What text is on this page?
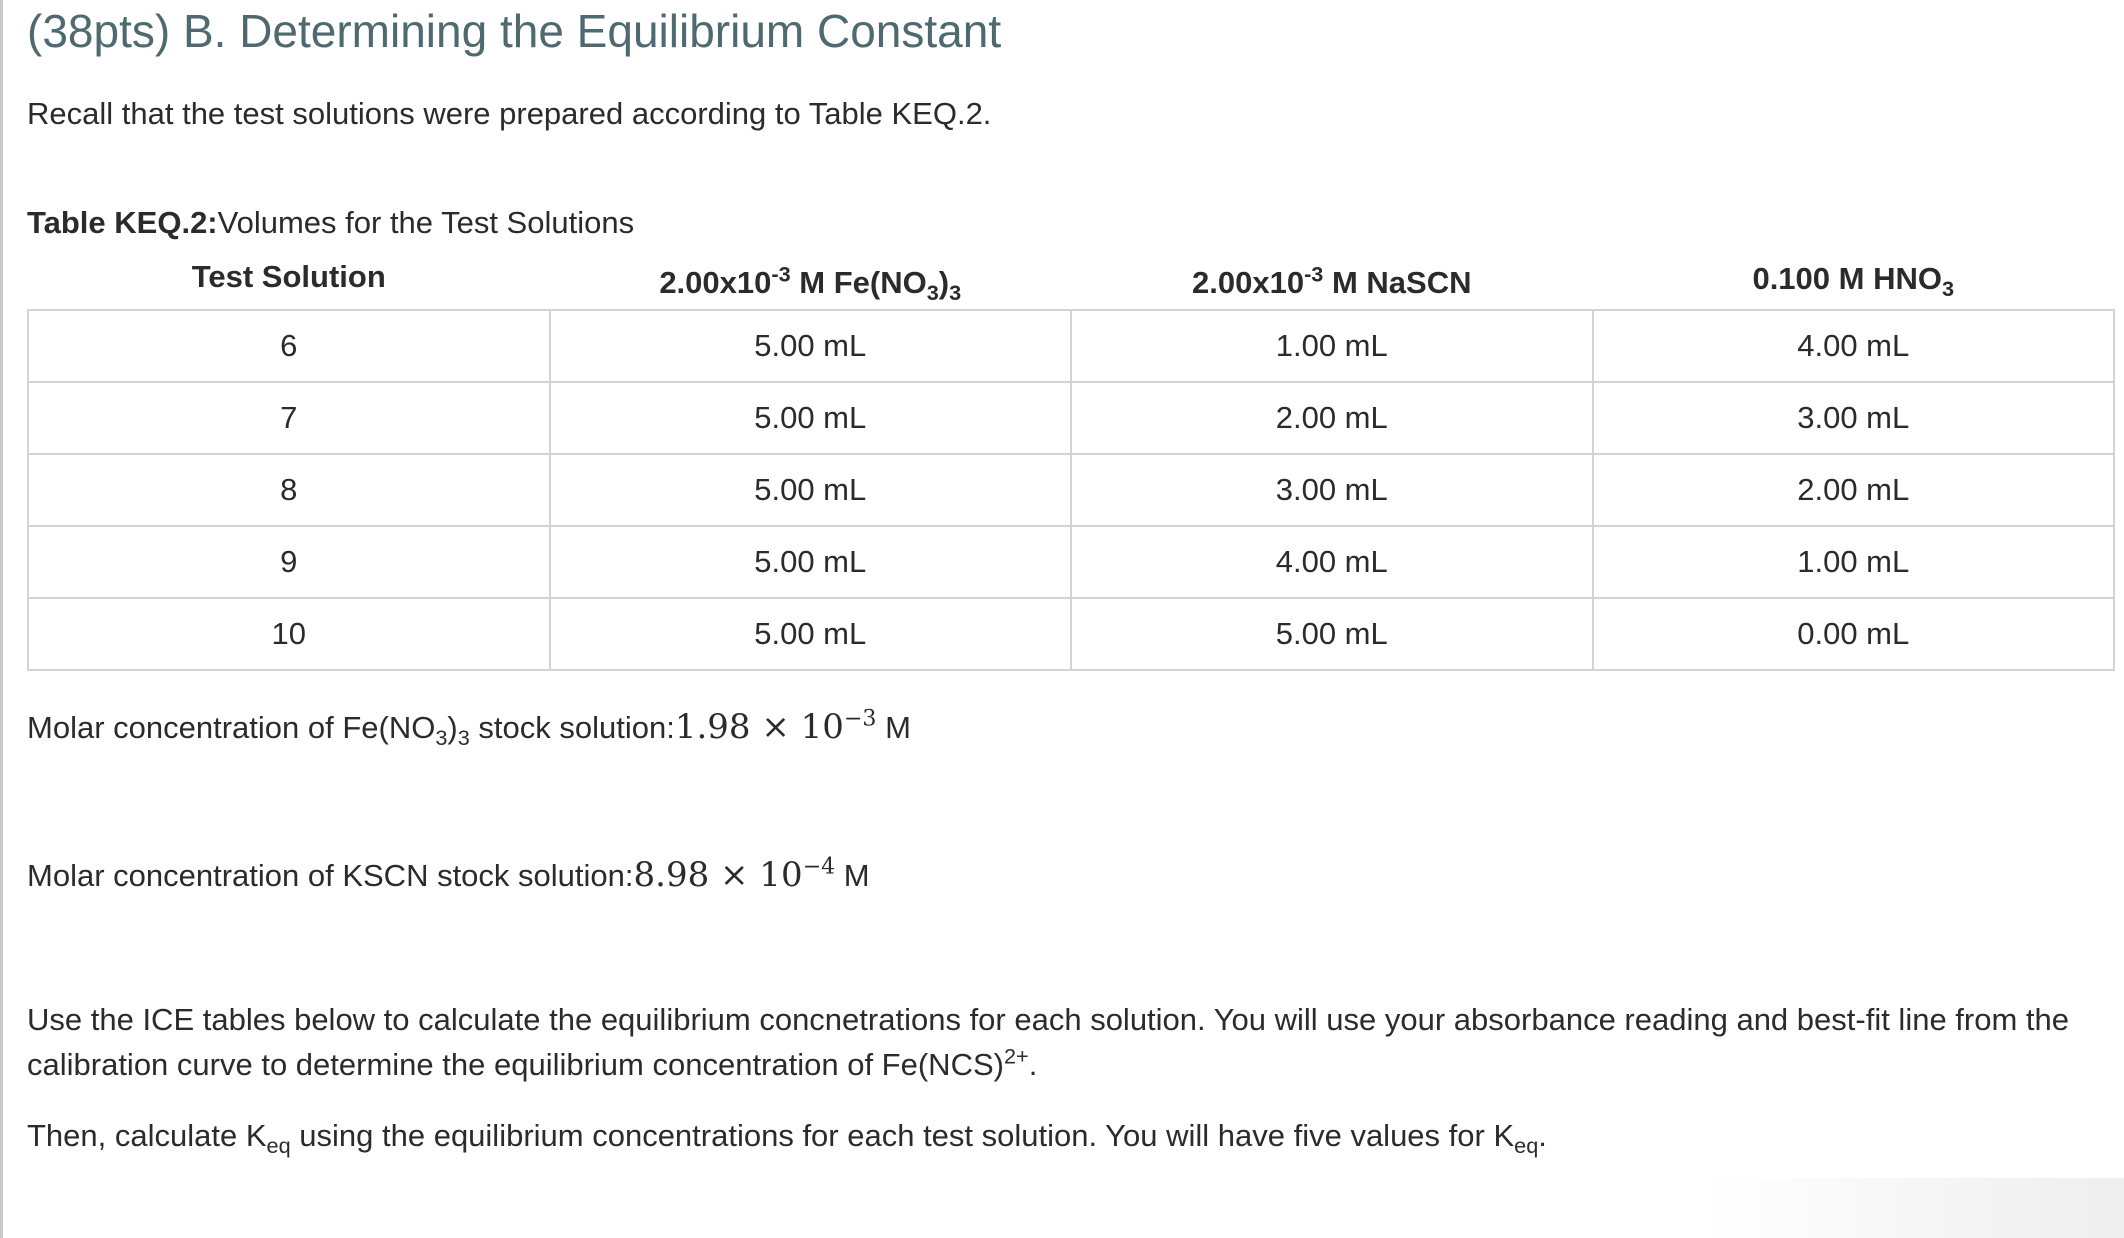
(38pts) B. Determining the Equilibrium Constant

Recall that the test solutions were prepared according to Table KEQ.2.

Table KEQ.2:Volumes for the Test Solutions
Test Solution	$2.00x10^{-3}$ M $Fe(NO_3)_3$	$2.00x10^{-3}$ M NaSCN	0.100 M $HNO_3$
6	5.00 mL	1.00 mL	4.00 mL
7	5.00 mL	2.00 mL	3.00 mL
8	5.00 mL	3.00 mL	2.00 mL
9	5.00 mL	4.00 mL	1.00 mL
10	5.00 mL	5.00 mL	0.00 mL
Molar concentration of $Fe(NO_3)_3$ stock solution:1.98 × $10^{-3}$ M
Molar concentration of KSCN stock solution:8.98 × $10^{-4}$ M

Use the ICE tables below to calculate the equilibrium concnetrations for each solution. You will use your absorbance reading and best-fit line from the calibration curve to determine the equilibrium concentration of Fe(NCS)$^{2+}$.

Then, calculate $K_{eq}$ using the equilibrium concentrations for each test solution. You will have five values for $K_{eq}$.
